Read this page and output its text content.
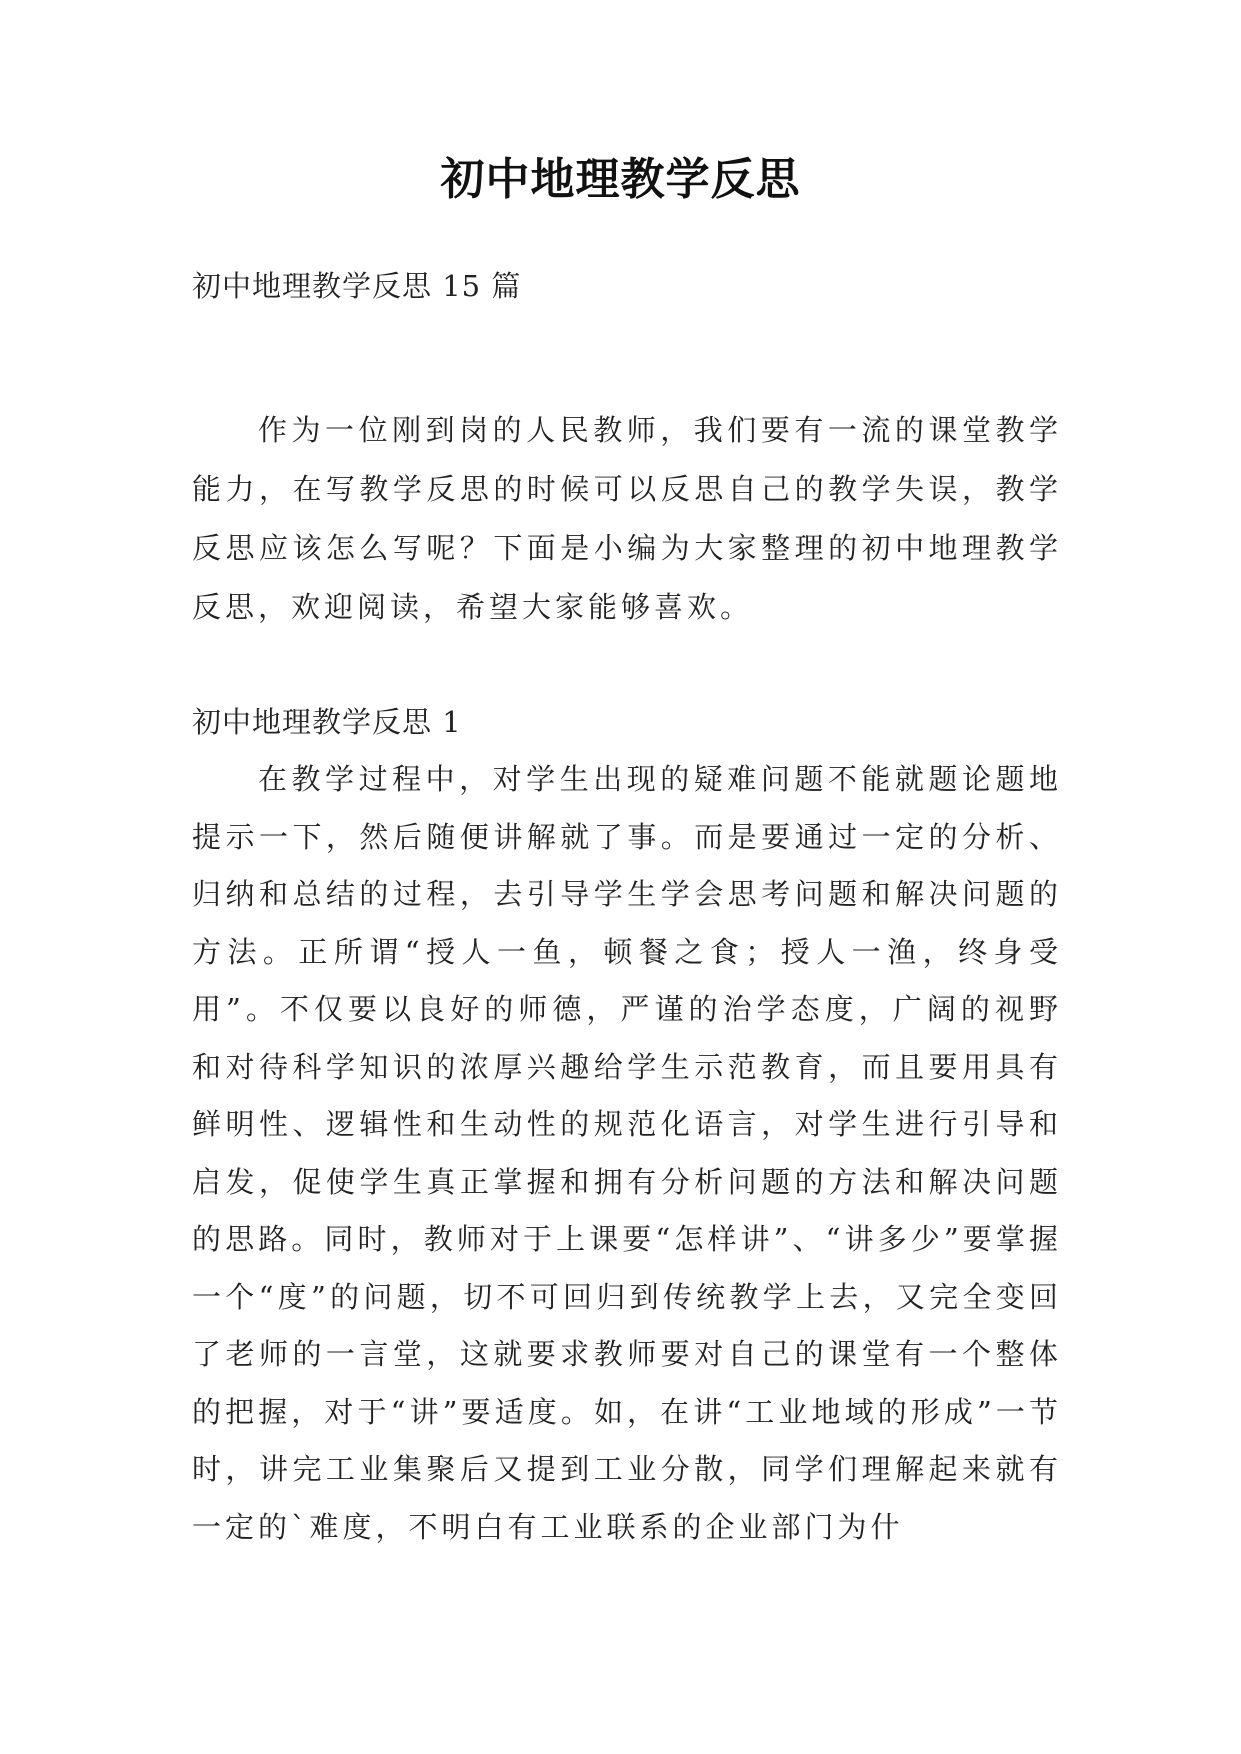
初中地理教学反思
初中地理教学反思 15 篇

作为一位刚到岗的人民教师，我们要有一流的课堂教学能力，在写教学反思的时候可以反思自己的教学失误，教学反思应该怎么写呢？下面是小编为大家整理的初中地理教学反思，欢迎阅读，希望大家能够喜欢。

初中地理教学反思 1

在教学过程中，对学生出现的疑难问题不能就题论题地提示一下，然后随便讲解就了事。而是要通过一定的分析、归纳和总结的过程，去引导学生学会思考问题和解决问题的方法。正所谓“授人一鱼，顿餐之食；授人一渔，终身受用”。不仅要以良好的师德，严谨的治学态度，广阔的视野和对待科学知识的浓厚兴趣给学生示范教育，而且要用具有鲜明性、逻辑性和生动性的规范化语言，对学生进行引导和启发，促使学生真正掌握和拥有分析问题的方法和解决问题的思路。同时，教师对于上课要“怎样讲”、“讲多少”要掌握一个“度”的问题，切不可回归到传统教学上去，又完全变回了老师的一言堂，这就要求教师要对自己的课堂有一个整体的把握，对于“讲”要适度。如，在讲“工业地域的形成”一节时，讲完工业集聚后又提到工业分散，同学们理解起来就有一定的`难度，不明白有工业联系的企业部门为什
